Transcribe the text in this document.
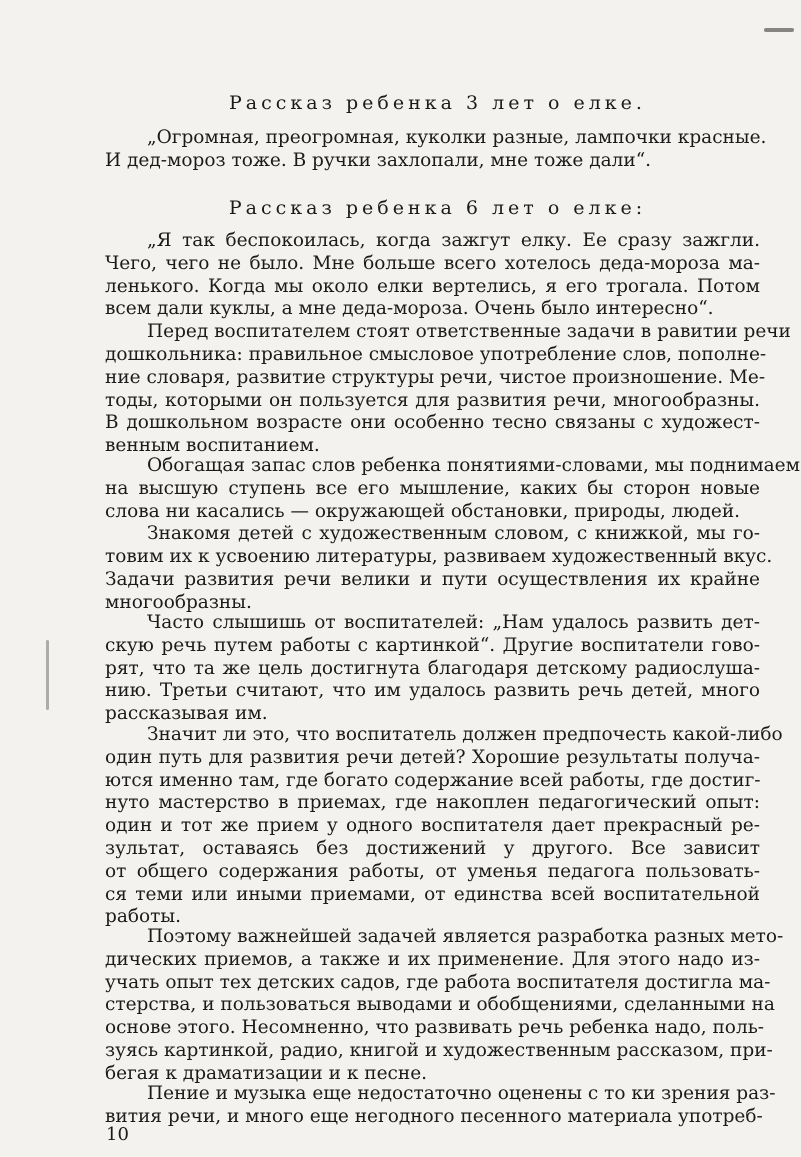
Рассказ ребенка 3 лет о елке.
„Огромная, преогромная, куколки разные, лампочки красные.
И дед-мороз тоже. В ручки захлопали, мне тоже дали“.
Рассказ ребенка 6 лет о елке:
„Я так беспокоилась, когда зажгут елку. Ее сразу зажгли.
Чего, чего не было. Мне больше всего хотелось деда-мороза ма-
ленького. Когда мы около елки вертелись, я его трогала. Потом
всем дали куклы, а мне деда-мороза. Очень было интересно“.
Перед воспитателем стоят ответственные задачи в равитии речи
дошкольника: правильное смысловое употребление слов, пополне-
ние словаря, развитие структуры речи, чистое произношение. Ме-
тоды, которыми он пользуется для развития речи, многообразны.
В дошкольном возрасте они особенно тесно связаны с художест-
венным воспитанием.
Обогащая запас слов ребенка понятиями-словами, мы поднимаем
на высшую ступень все его мышление, каких бы сторон новые
слова ни касались — окружающей обстановки, природы, людей.
Знакомя детей с художественным словом, с книжкой, мы го-
товим их к усвоению литературы, развиваем художественный вкус.
Задачи развития речи велики и пути осуществления их крайне
многообразны.
Часто слышишь от воспитателей: „Нам удалось развить дет-
скую речь путем работы с картинкой“. Другие воспитатели гово-
рят, что та же цель достигнута благодаря детскому радиослуша-
нию. Третьи считают, что им удалось развить речь детей, много
рассказывая им.
Значит ли это, что воспитатель должен предпочесть какой-либо
один путь для развития речи детей? Хорошие результаты получа-
ются именно там, где богато содержание всей работы, где достиг-
нуто мастерство в приемах, где накоплен педагогический опыт:
один и тот же прием у одного воспитателя дает прекрасный ре-
зультат, оставаясь без достижений у другого. Все зависит
от общего содержания работы, от уменья педагога пользовать-
ся теми или иными приемами, от единства всей воспитательной
работы.
Поэтому важнейшей задачей является разработка разных мето-
дических приемов, а также и их применение. Для этого надо из-
учать опыт тех детских садов, где работа воспитателя достигла ма-
стерства, и пользоваться выводами и обобщениями, сделанными на
основе этого. Несомненно, что развивать речь ребенка надо, поль-
зуясь картинкой, радио, книгой и художественным рассказом, при-
бегая к драматизации и к песне.
Пение и музыка еще недостаточно оценены с то ки зрения раз-
вития речи, и много еще негодного песенного материала употреб-
10
